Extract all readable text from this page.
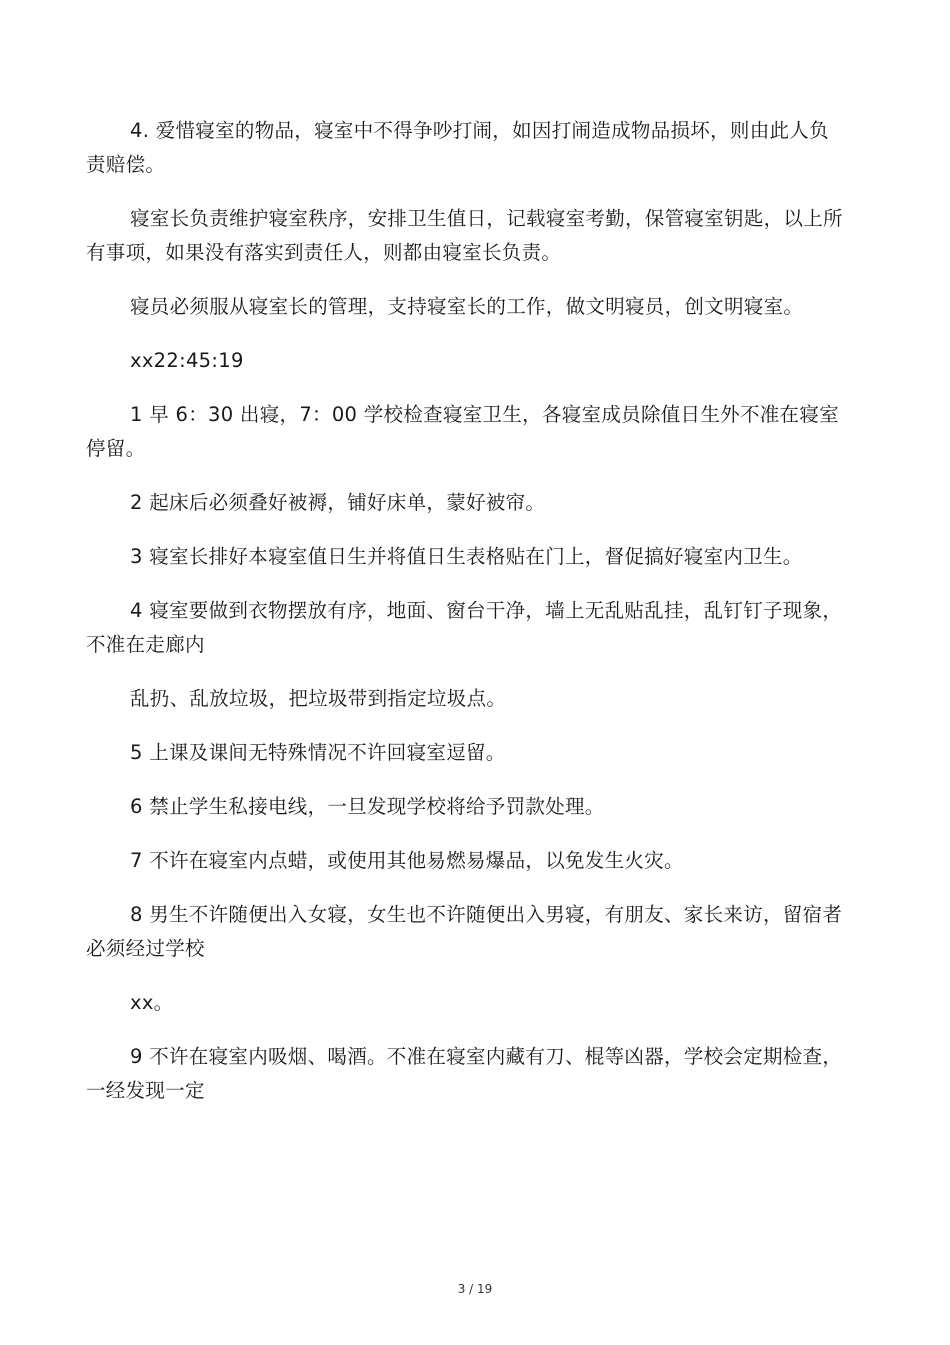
4. 爱惜寝室的物品，寝室中不得争吵打闹，如因打闹造成物品损坏，则由此人负责赔偿。

寝室长负责维护寝室秩序，安排卫生值日，记载寝室考勤，保管寝室钥匙，以上所有事项，如果没有落实到责任人，则都由寝室长负责。

寝员必须服从寝室长的管理，支持寝室长的工作，做文明寝员，创文明寝室。

xx22:45:19

1 早 6：30 出寝，7：00 学校检查寝室卫生，各寝室成员除值日生外不准在寝室停留。

2 起床后必须叠好被褥，铺好床单，蒙好被帘。

3 寝室长排好本寝室值日生并将值日生表格贴在门上，督促搞好寝室内卫生。

4 寝室要做到衣物摆放有序，地面、窗台干净，墙上无乱贴乱挂，乱钉钉子现象，不准在走廊内

乱扔、乱放垃圾，把垃圾带到指定垃圾点。

5 上课及课间无特殊情况不许回寝室逗留。

6 禁止学生私接电线，一旦发现学校将给予罚款处理。

7 不许在寝室内点蜡，或使用其他易燃易爆品，以免发生火灾。

8 男生不许随便出入女寝，女生也不许随便出入男寝，有朋友、家长来访，留宿者必须经过学校

xx。

9 不许在寝室内吸烟、喝酒。不准在寝室内藏有刀、棍等凶器，学校会定期检查，一经发现一定

3 / 19
